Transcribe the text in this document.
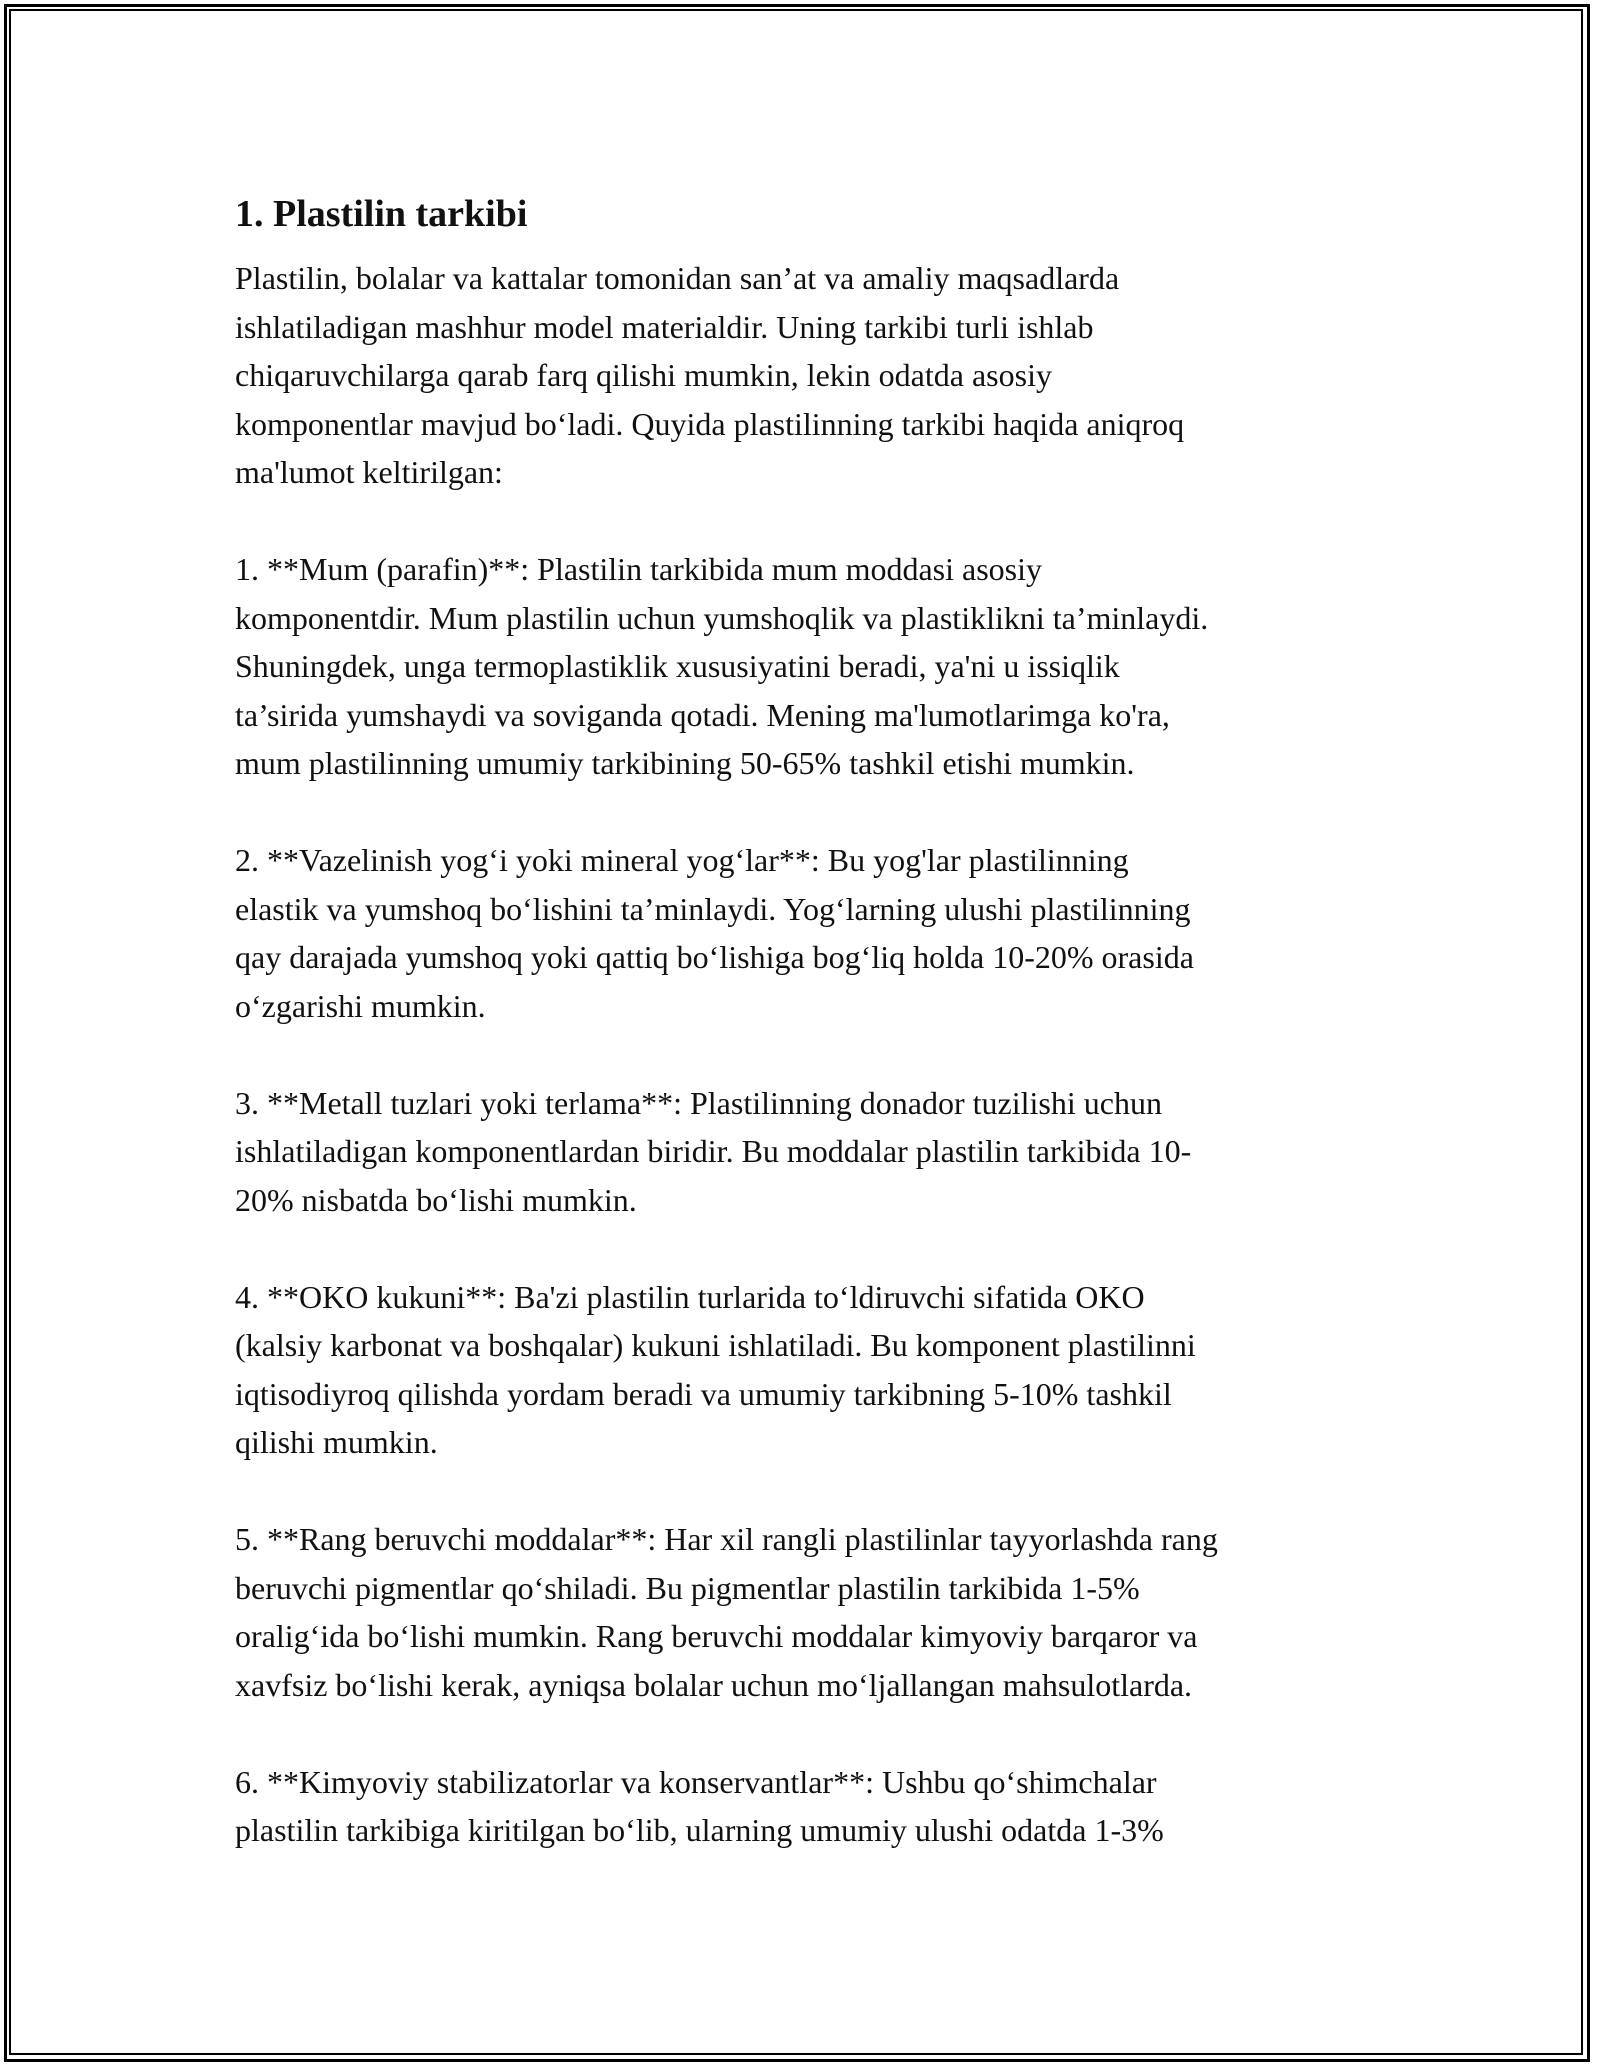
1. Plastilin tarkibi
Plastilin, bolalar va kattalar tomonidan san’at va amaliy maqsadlarda
ishlatiladigan mashhur model materialdir. Uning tarkibi turli ishlab
chiqaruvchilarga qarab farq qilishi mumkin, lekin odatda asosiy
komponentlar mavjud bo‘ladi. Quyida plastilinning tarkibi haqida aniqroq
ma'lumot keltirilgan:
1. **Mum (parafin)**: Plastilin tarkibida mum moddasi asosiy
komponentdir. Mum plastilin uchun yumshoqlik va plastiklikni ta’minlaydi.
Shuningdek, unga termoplastiklik xususiyatini beradi, ya'ni u issiqlik
ta’sirida yumshaydi va soviganda qotadi. Mening ma'lumotlarimga ko'ra,
mum plastilinning umumiy tarkibining 50-65% tashkil etishi mumkin.
2. **Vazelinish yog‘i yoki mineral yog‘lar**: Bu yog'lar plastilinning
elastik va yumshoq bo‘lishini ta’minlaydi. Yog‘larning ulushi plastilinning
qay darajada yumshoq yoki qattiq bo‘lishiga bog‘liq holda 10-20% orasida
o‘zgarishi mumkin.
3. **Metall tuzlari yoki terlama**: Plastilinning donador tuzilishi uchun
ishlatiladigan komponentlardan biridir. Bu moddalar plastilin tarkibida 10-
20% nisbatda bo‘lishi mumkin.
4. **OKO kukuni**: Ba'zi plastilin turlarida to‘ldiruvchi sifatida OKO
(kalsiy karbonat va boshqalar) kukuni ishlatiladi. Bu komponent plastilinni
iqtisodiyroq qilishda yordam beradi va umumiy tarkibning 5-10% tashkil
qilishi mumkin.
5. **Rang beruvchi moddalar**: Har xil rangli plastilinlar tayyorlashda rang
beruvchi pigmentlar qo‘shiladi. Bu pigmentlar plastilin tarkibida 1-5%
oralig‘ida bo‘lishi mumkin. Rang beruvchi moddalar kimyoviy barqaror va
xavfsiz bo‘lishi kerak, ayniqsa bolalar uchun mo‘ljallangan mahsulotlarda.
6. **Kimyoviy stabilizatorlar va konservantlar**: Ushbu qo‘shimchalar
plastilin tarkibiga kiritilgan bo‘lib, ularning umumiy ulushi odatda 1-3%
